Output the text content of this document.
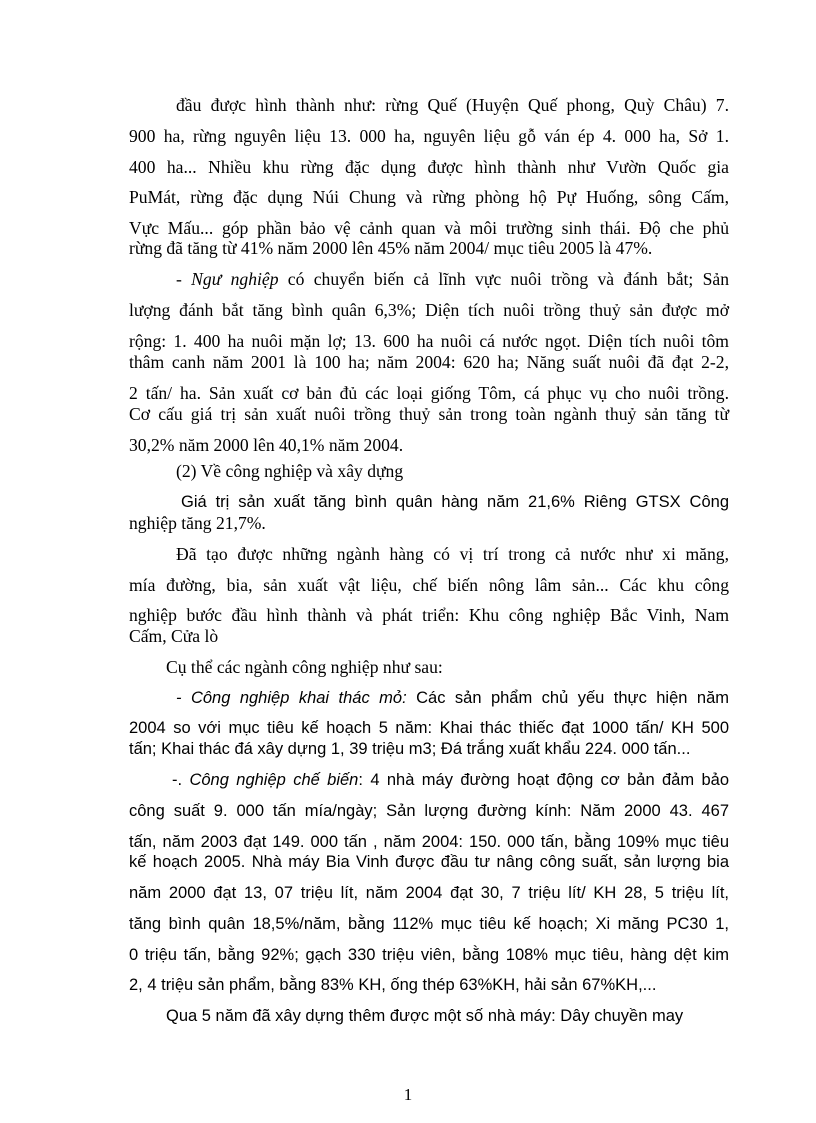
đầu được hình thành như: rừng Quế (Huyện Quế phong, Quỳ Châu) 7.
900 ha, rừng nguyên liệu 13. 000 ha, nguyên liệu gỗ ván ép 4. 000 ha, Sở 1.
400 ha... Nhiều khu rừng đặc dụng được hình thành như Vườn Quốc gia
PuMát, rừng đặc dụng Núi Chung và rừng phòng hộ Pự Huống, sông Cấm,
Vực Mấu... góp phần bảo vệ cảnh quan và môi trường sinh thái. Độ che phủ
rừng đã tăng từ 41% năm 2000 lên 45% năm 2004/ mục tiêu 2005 là 47%.
- Ngư nghiệp có chuyển biến cả lĩnh vực nuôi trồng và đánh bắt; Sản
lượng đánh bắt tăng bình quân 6,3%; Diện tích nuôi trồng thuỷ sản được mở
rộng: 1. 400 ha nuôi mặn lợ; 13. 600 ha nuôi cá nước ngọt. Diện tích nuôi tôm
thâm canh năm 2001 là 100 ha; năm 2004: 620 ha; Năng suất nuôi đã đạt 2-2,
2 tấn/ ha. Sản xuất cơ bản đủ các loại giống Tôm, cá phục vụ cho nuôi trồng.
Cơ cấu giá trị sản xuất nuôi trồng thuỷ sản trong toàn ngành thuỷ sản tăng từ
30,2% năm 2000 lên 40,1% năm 2004.
(2) Về công nghiệp và xây dựng
Giá trị sản xuất tăng bình quân hàng năm 21,6% Riêng GTSX Công
nghiệp tăng 21,7%.
Đã tạo được những ngành hàng có vị trí trong cả nước như xi măng,
mía đường, bia, sản xuất vật liệu, chế biến nông lâm sản... Các khu công
nghiệp bước đầu hình thành và phát triển: Khu công nghiệp Bắc Vinh, Nam
Cấm, Cửa lò
Cụ thể các ngành công nghiệp như sau:
- Công nghiệp khai thác mỏ: Các sản phẩm chủ yếu thực hiện năm
2004 so với mục tiêu kế hoạch 5 năm: Khai thác thiếc đạt 1000 tấn/ KH 500
tấn; Khai thác đá xây dựng 1, 39 triệu m3; Đá trắng xuất khẩu 224. 000 tấn...
-. Công nghiệp chế biến: 4 nhà máy đường hoạt động cơ bản đảm bảo
công suất 9. 000 tấn mía/ngày; Sản lượng đường kính: Năm 2000 43. 467
tấn, năm 2003 đạt 149. 000 tấn , năm 2004: 150. 000 tấn, bằng 109% mục tiêu
kế hoạch 2005. Nhà máy Bia Vinh được đầu tư nâng công suất, sản lượng bia
năm 2000 đạt 13, 07 triệu lít, năm 2004 đạt 30, 7 triệu lít/ KH 28, 5 triệu lít,
tăng bình quân 18,5%/năm, bằng 112% mục tiêu kế hoạch; Xi măng PC30 1,
0 triệu tấn, bằng 92%; gạch 330 triệu viên, bằng 108% mục tiêu, hàng dệt kim
2, 4 triệu sản phẩm, bằng 83% KH, ống thép 63%KH, hải sản 67%KH,...
Qua 5 năm đã xây dựng thêm được một số nhà máy: Dây chuyền may
1
